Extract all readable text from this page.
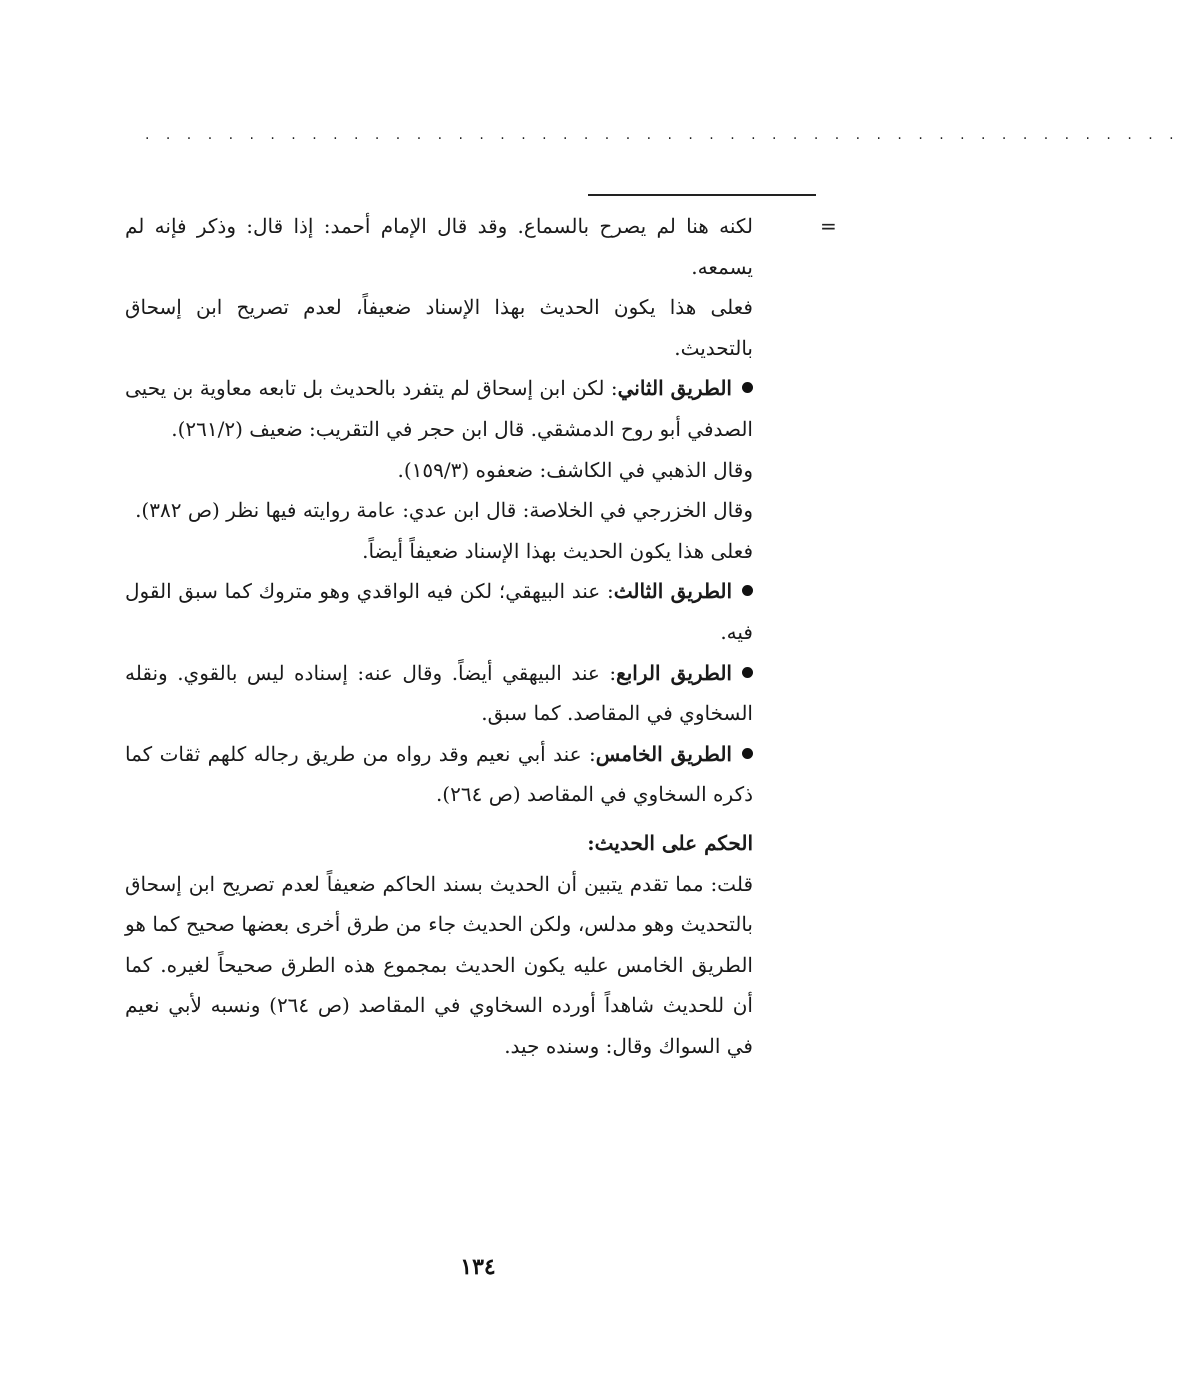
. . . . . . . . . . . . . . . . . . . . . . . . . . . . . . . . . . . . . . . . . . . . . . . . . .
=

لكنه هنا لم يصرح بالسماع. وقد قال الإمام أحمد: إذا قال: وذكر فإنه لم يسمعه.

فعلى هذا يكون الحديث بهذا الإسناد ضعيفاً، لعدم تصريح ابن إسحاق بالتحديث.

الطريق الثاني: لكن ابن إسحاق لم يتفرد بالحديث بل تابعه معاوية بن يحيى الصدفي أبو روح الدمشقي. قال ابن حجر في التقريب: ضعيف (٢٦١/٢).

وقال الذهبي في الكاشف: ضعفوه (١٥٩/٣).

وقال الخزرجي في الخلاصة: قال ابن عدي: عامة روايته فيها نظر (ص ٣٨٢).

فعلى هذا يكون الحديث بهذا الإسناد ضعيفاً أيضاً.

الطريق الثالث: عند البيهقي؛ لكن فيه الواقدي وهو متروك كما سبق القول فيه.

الطريق الرابع: عند البيهقي أيضاً. وقال عنه: إسناده ليس بالقوي. ونقله السخاوي في المقاصد. كما سبق.

الطريق الخامس: عند أبي نعيم وقد رواه من طريق رجاله كلهم ثقات كما ذكره السخاوي في المقاصد (ص ٢٦٤).

الحكم على الحديث:

قلت: مما تقدم يتبين أن الحديث بسند الحاكم ضعيفاً لعدم تصريح ابن إسحاق بالتحديث وهو مدلس، ولكن الحديث جاء من طرق أخرى بعضها صحيح كما هو الطريق الخامس عليه يكون الحديث بمجموع هذه الطرق صحيحاً لغيره. كما أن للحديث شاهداً أورده السخاوي في المقاصد (ص ٢٦٤) ونسبه لأبي نعيم في السواك وقال: وسنده جيد.

١٣٤
